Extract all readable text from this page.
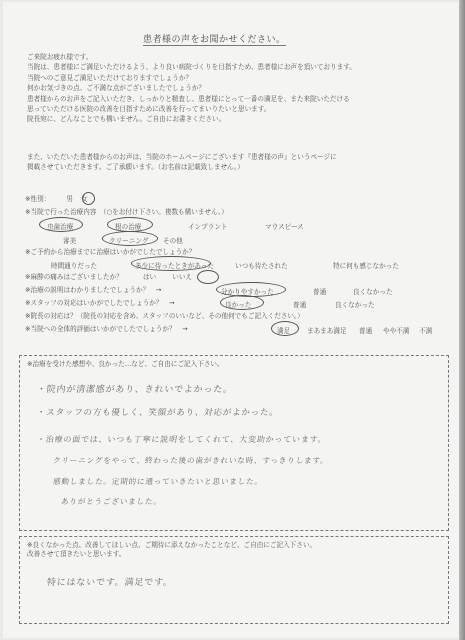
患者様の声をお聞かせください。
ご来院お疲れ様です。
当院は、患者様にご満足いただけるよう、より良い病院づくりを目指すため、患者様にお声を頂いております。
当院へのご意見ご満足いただけておりますでしょうか？
何かお気づきの点、ご不満な点がございましたでしょうか？
患者様からのお声をご記入いただき、しっかりと精査し、患者様にとって一番の満足を、また来院いただける
思っていただける医院の改善を目指すために改善を行ってまいりたいと思います。
院長宛に、どんなことでも構いません。ご自由にお書きください。
また、いただいた患者様からのお声は、当院のホームページにございます『患者様の声』というページに
掲載させていただきます。ご了承願います。（お名前は記載致しません。）
※性別： 男 女
※当院で行った治療内容　（○をお付け下さい。複数も構いません。）
虫歯治療	根の治療	インプラント	マウスピース
審美	クリーニング その他
※ご予約から治療までに治療はいかがでしたでしょうか？
時間通りだった	多少に待ったときがあった	いつも待たされた	特に何も感じなかった
※麻酔の痛みはございましたか？	はい いいえ
※治療の説明はわかりましたでしょうか？　→	分かりやすかった	普通	良くなかった
※スタッフの対応はいかがでしたでしょうか？　→	良かった	普通	良くなかった
※院長の対応は？（院長の対応を含め、スタッフのいいなど、その他何でもご記入ください。）
※当院への全体的評価はいかがでしたでしょうか？　→	満足	まあまあ満足 普通 やや不満 不満
※治療を受けた感想や、良かった…など、ご自由にご記入下さい。
・院内が清潔感があり、きれいでよかった。
・スタッフの方も優しく、笑顔があり、対応がよかった。
・治療の面では、いつも丁寧に説明をしてくれて、大変助かっています。
クリーニングをやって、終わった後の歯がきれいな時、すっきりします。
感動しました。定期的に通っていきたいと思いました。
ありがとうございました。
※良くなかった点、改善してほしい点、ご期待に添えなかったことなど、ご自由にご記入下さい。
改善させて頂きたいと思います。
特にはないです。満足です。
